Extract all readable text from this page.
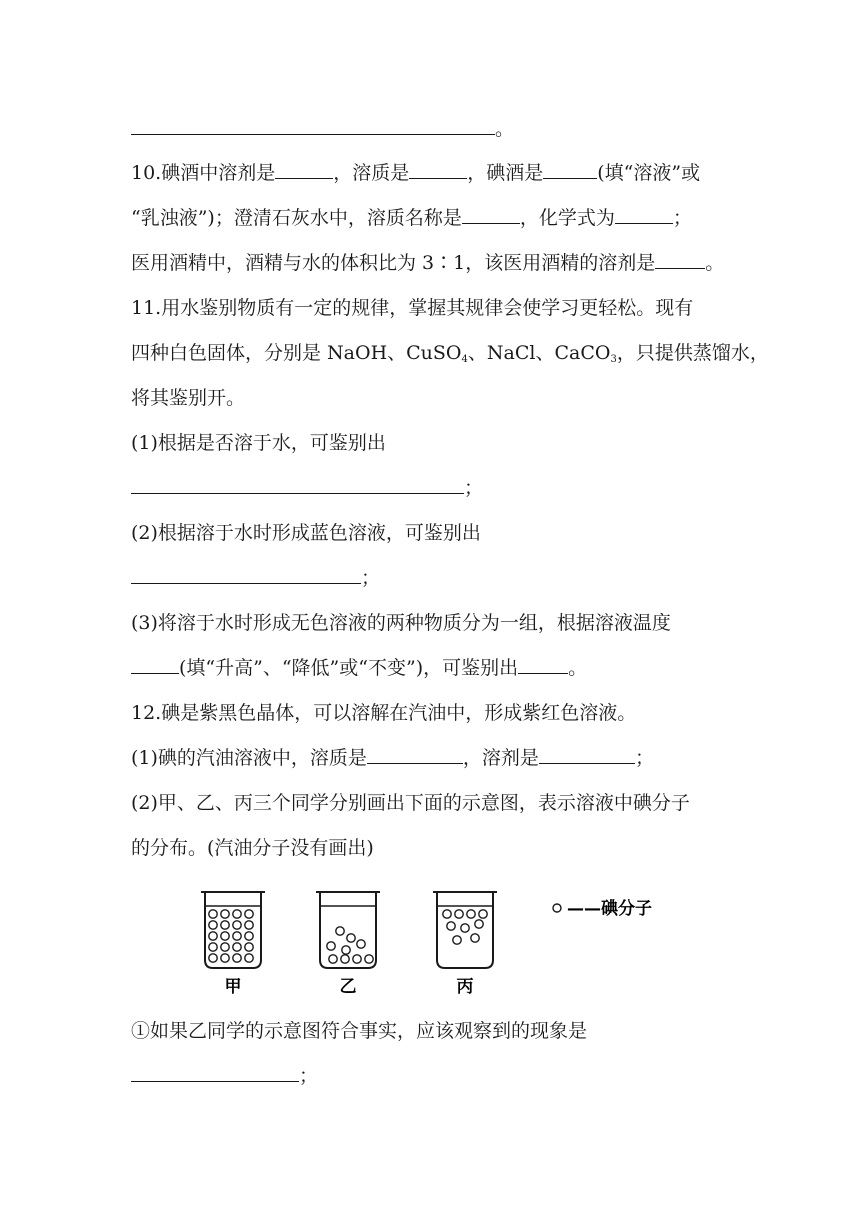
。
10.碘酒中溶剂是	，溶质是	，碘酒是	(填“溶液”或
“乳浊液”)；澄清石灰水中，溶质名称是	，化学式为	；
医用酒精中，酒精与水的体积比为 3∶1，该医用酒精的溶剂是	。
11.用水鉴别物质有一定的规律，掌握其规律会使学习更轻松。现有
四种白色固体，分别是 NaOH、CuSO$_4$、NaCl、CaCO$_3$，只提供蒸馏水，
将其鉴别开。
(1)根据是否溶于水，可鉴别出
；
(2)根据溶于水时形成蓝色溶液，可鉴别出
；
(3)将溶于水时形成无色溶液的两种物质分为一组，根据溶液温度
(填“升高”、“降低”或“不变”)，可鉴别出	。
12.碘是紫黑色晶体，可以溶解在汽油中，形成紫红色溶液。
(1)碘的汽油溶液中，溶质是	，溶剂是	；
(2)甲、乙、丙三个同学分别画出下面的示意图，表示溶液中碘分子
的分布。(汽油分子没有画出)
——碘分子
甲	乙	丙
①如果乙同学的示意图符合事实，应该观察到的现象是
；
